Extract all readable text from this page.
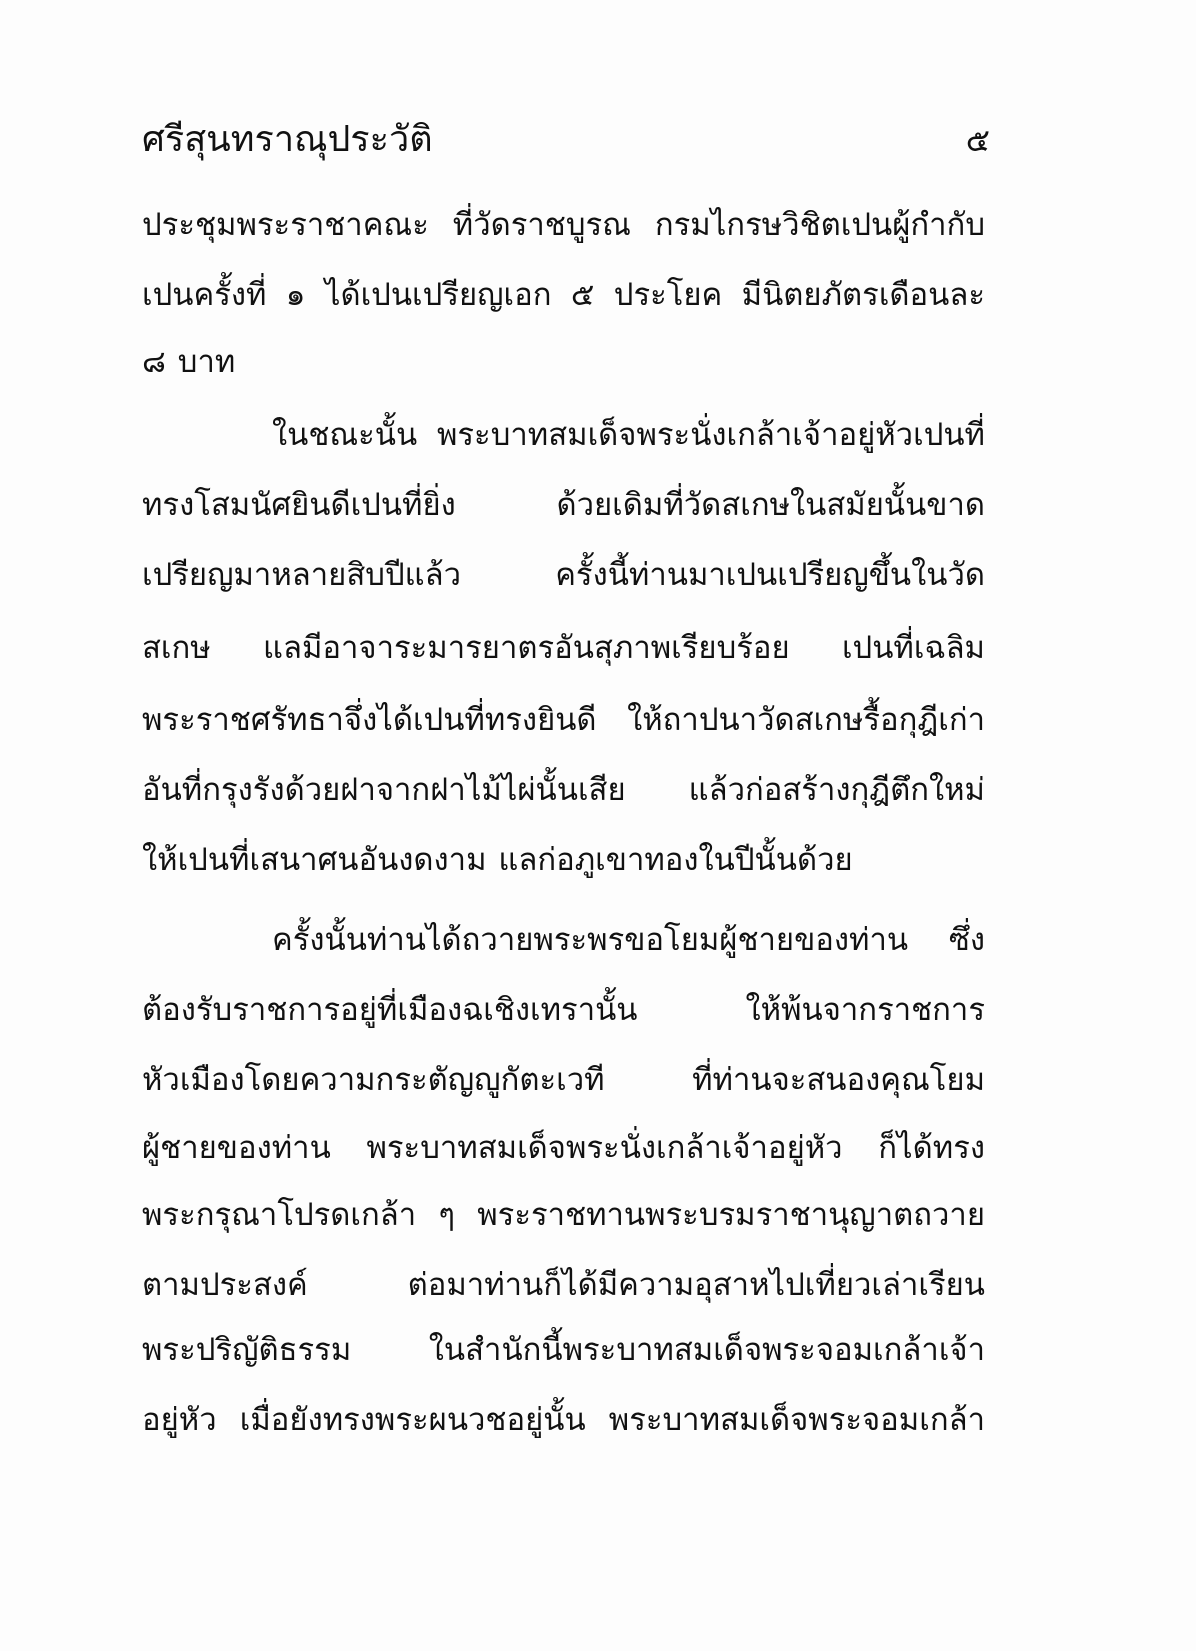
ศรีสุนทราณุประวัติ	๕
ประชุมพระราชาคณะ ที่วัดราชบูรณ กรมไกรษวิชิตเปนผู้กำกับ
เปนครั้งที่ ๑ ได้เปนเปรียญเอก ๕ ประโยค มีนิตยภัตรเดือนละ
๘ บาท
ในชณะนั้น พระบาทสมเด็จพระนั่งเกล้าเจ้าอยู่หัวเปนที่
ทรงโสมนัศยินดีเปนที่ยิ่ง ด้วยเดิมที่วัดสเกษในสมัยนั้นขาด
เปรียญมาหลายสิบปีแล้ว ครั้งนี้ท่านมาเปนเปรียญขึ้นในวัด
สเกษ แลมีอาจาระมารยาตรอันสุภาพเรียบร้อย เปนที่เฉลิม
พระราชศรัทธาจึ่งได้เปนที่ทรงยินดี ให้ถาปนาวัดสเกษรื้อกุฎีเก่า
อันที่กรุงรังด้วยฝาจากฝาไม้ไผ่นั้นเสีย แล้วก่อสร้างกุฎีตึกใหม่
ให้เปนที่เสนาศนอันงดงาม แลก่อภูเขาทองในปีนั้นด้วย
ครั้งนั้นท่านได้ถวายพระพรขอโยมผู้ชายของท่าน ซึ่ง
ต้องรับราชการอยู่ที่เมืองฉเชิงเทรานั้น ให้พ้นจากราชการ
หัวเมืองโดยความกระตัญญูกัตะเวที ที่ท่านจะสนองคุณโยม
ผู้ชายของท่าน พระบาทสมเด็จพระนั่งเกล้าเจ้าอยู่หัว ก็ได้ทรง
พระกรุณาโปรดเกล้า ๆ พระราชทานพระบรมราชานุญาตถวาย
ตามประสงค์ ต่อมาท่านก็ได้มีความอุสาหไปเที่ยวเล่าเรียน
พระปริญัติธรรม ในสำนักนี้พระบาทสมเด็จพระจอมเกล้าเจ้า
อยู่หัว เมื่อยังทรงพระผนวชอยู่นั้น พระบาทสมเด็จพระจอมเกล้า
